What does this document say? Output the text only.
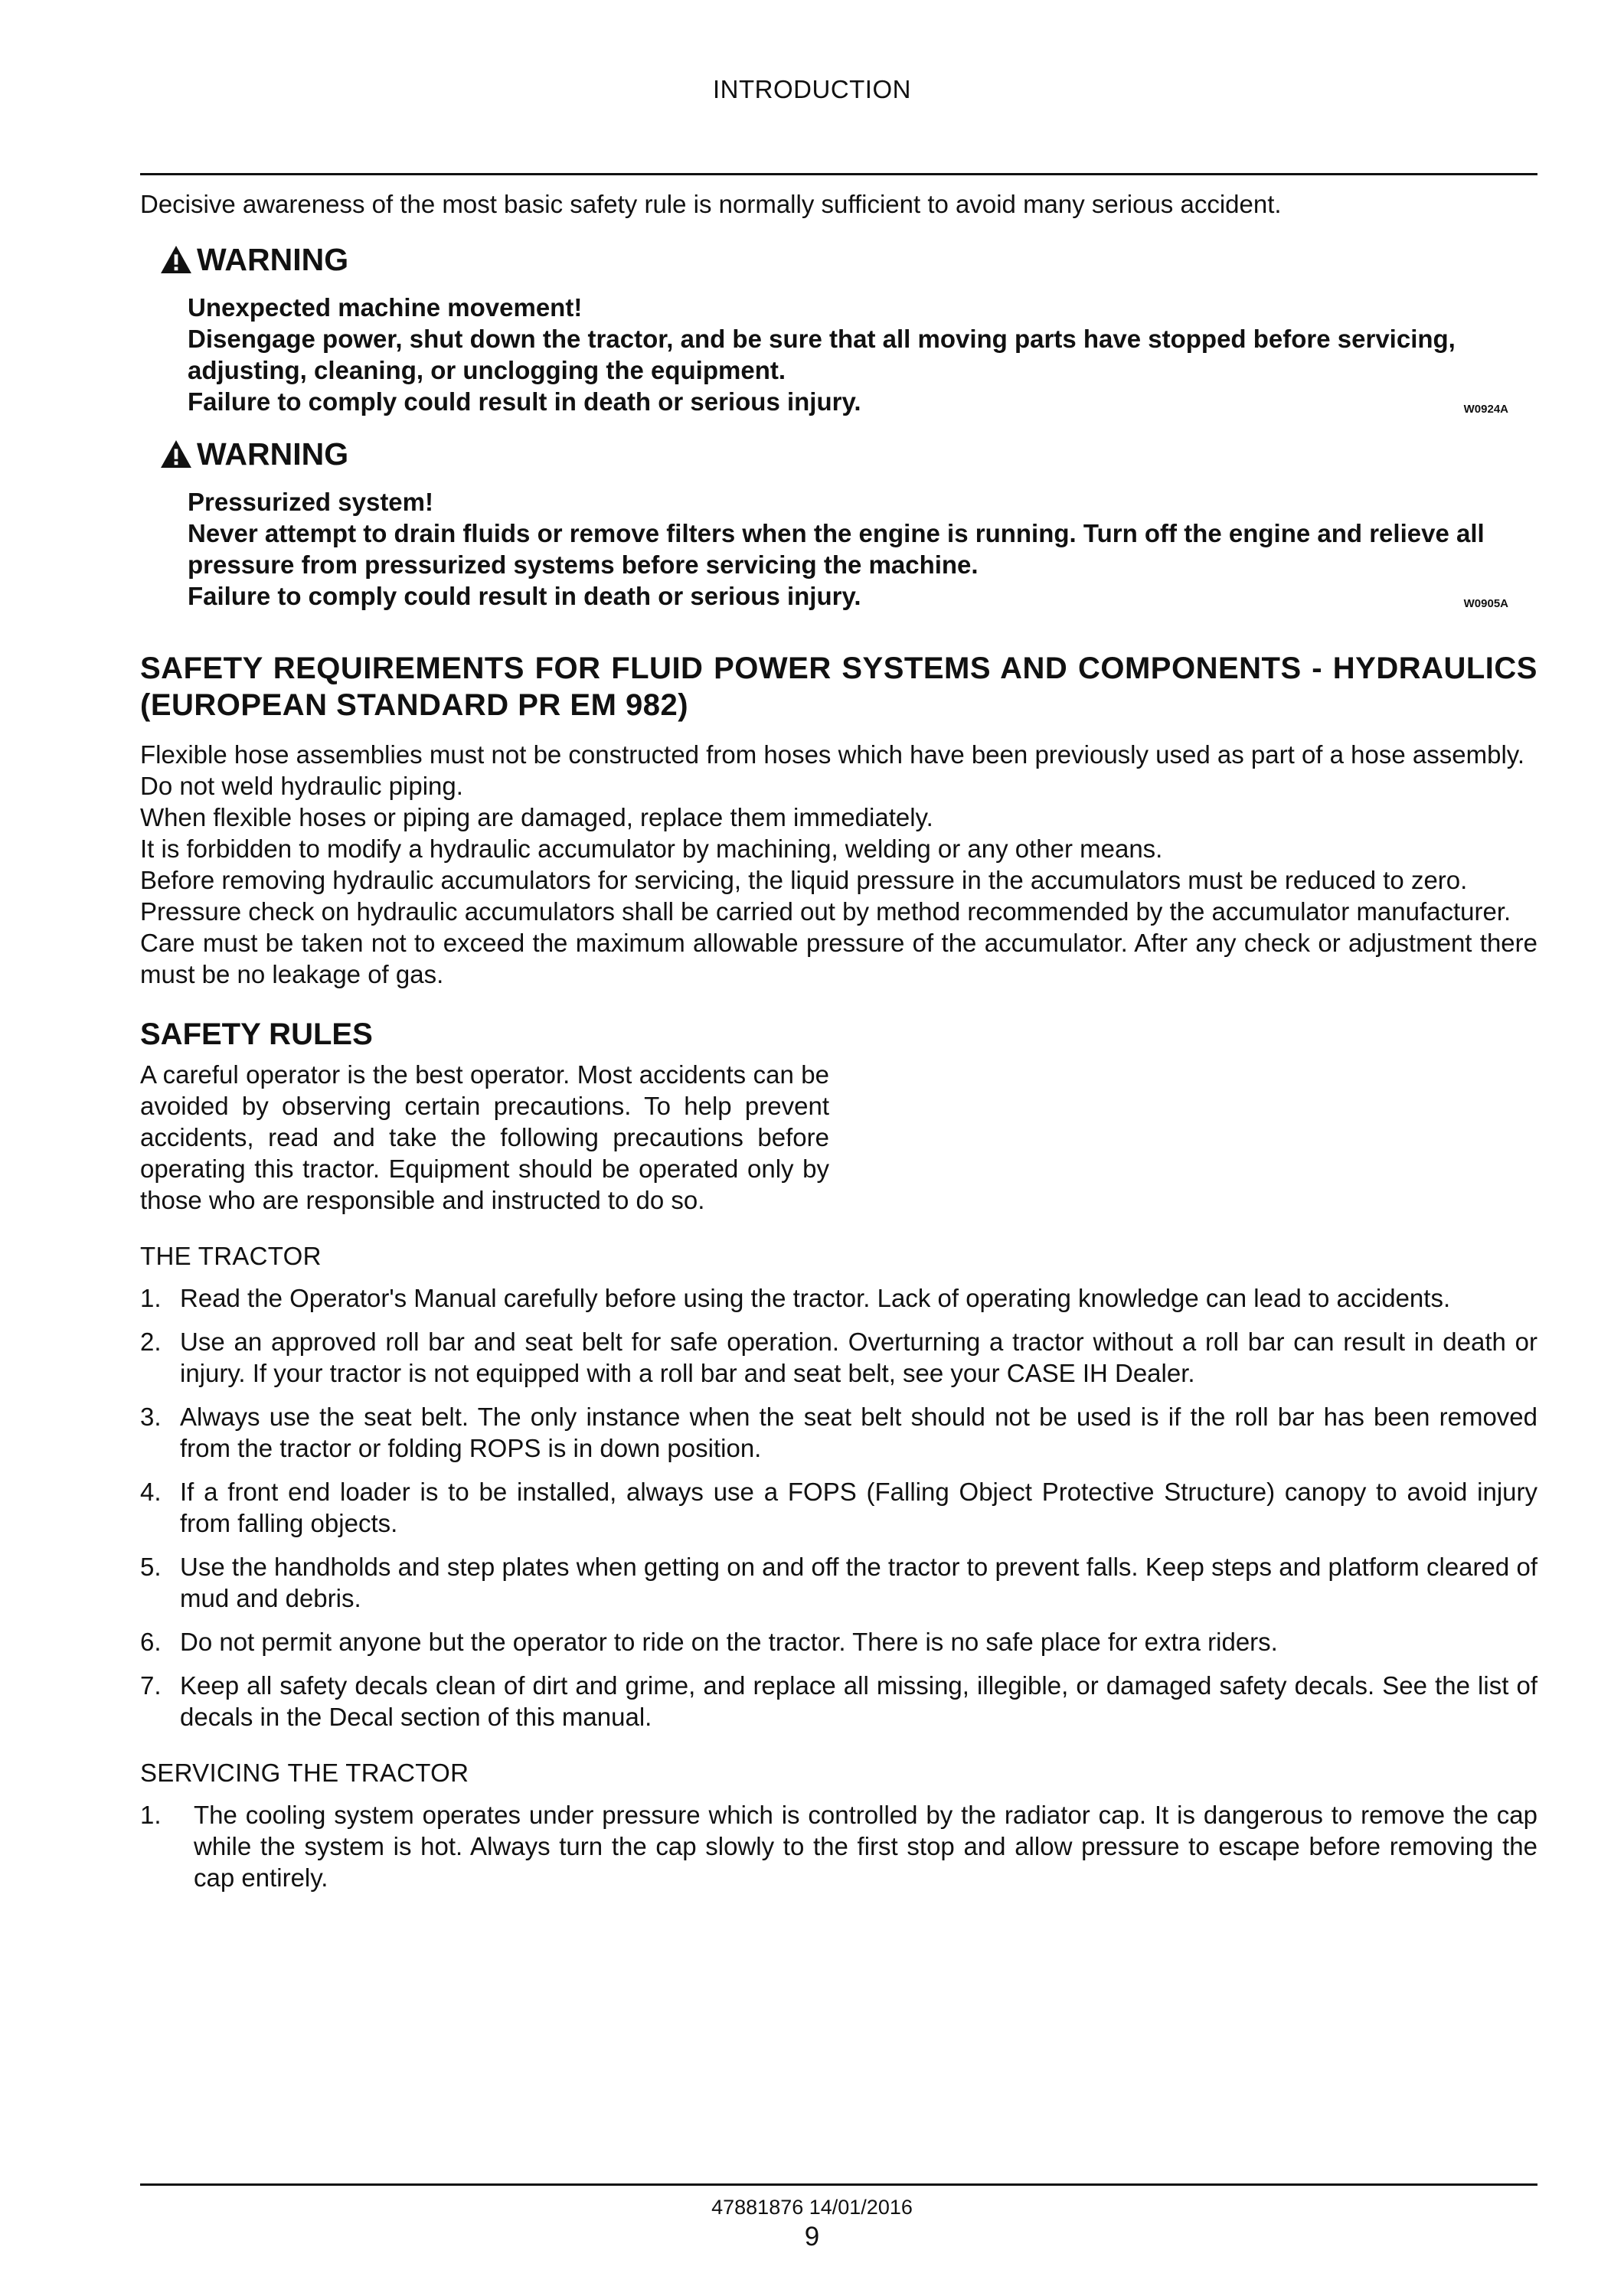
INTRODUCTION

Decisive awareness of the most basic safety rule is normally sufficient to avoid many serious accident.

WARNING

Unexpected machine movement!

Disengage power, shut down the tractor, and be sure that all moving parts have stopped before servicing, adjusting, cleaning, or unclogging the equipment.

Failure to comply could result in death or serious injury.	W0924A
WARNING

Pressurized system!

Never attempt to drain fluids or remove filters when the engine is running. Turn off the engine and relieve all pressure from pressurized systems before servicing the machine.

Failure to comply could result in death or serious injury.	W0905A
SAFETY REQUIREMENTS FOR FLUID POWER SYSTEMS AND COMPONENTS - HYDRAULICS (EUROPEAN STANDARD PR EM 982)

Flexible hose assemblies must not be constructed from hoses which have been previously used as part of a hose assembly.

Do not weld hydraulic piping.

When flexible hoses or piping are damaged, replace them immediately.

It is forbidden to modify a hydraulic accumulator by machining, welding or any other means.

Before removing hydraulic accumulators for servicing, the liquid pressure in the accumulators must be reduced to zero.

Pressure check on hydraulic accumulators shall be carried out by method recommended by the accumulator manufacturer.

Care must be taken not to exceed the maximum allowable pressure of the accumulator. After any check or adjustment there must be no leakage of gas.

SAFETY RULES

A careful operator is the best operator. Most accidents can be avoided by observing certain precautions. To help prevent accidents, read and take the following precautions before operating this tractor. Equipment should be operated only by those who are responsible and instructed to do so.

THE TRACTOR

1. Read the Operator's Manual carefully before using the tractor. Lack of operating knowledge can lead to accidents.
2. Use an approved roll bar and seat belt for safe operation. Overturning a tractor without a roll bar can result in death or injury. If your tractor is not equipped with a roll bar and seat belt, see your CASE IH Dealer.
3. Always use the seat belt. The only instance when the seat belt should not be used is if the roll bar has been removed from the tractor or folding ROPS is in down position.
4. If a front end loader is to be installed, always use a FOPS (Falling Object Protective Structure) canopy to avoid injury from falling objects.
5. Use the handholds and step plates when getting on and off the tractor to prevent falls. Keep steps and platform cleared of mud and debris.
6. Do not permit anyone but the operator to ride on the tractor. There is no safe place for extra riders.
7. Keep all safety decals clean of dirt and grime, and replace all missing, illegible, or damaged safety decals. See the list of decals in the Decal section of this manual.

SERVICING THE TRACTOR

1.	The cooling system operates under pressure which is controlled by the radiator cap. It is dangerous to remove the cap while the system is hot. Always turn the cap slowly to the first stop and allow pressure to escape before removing the cap entirely.
47881876 14/01/2016
9
